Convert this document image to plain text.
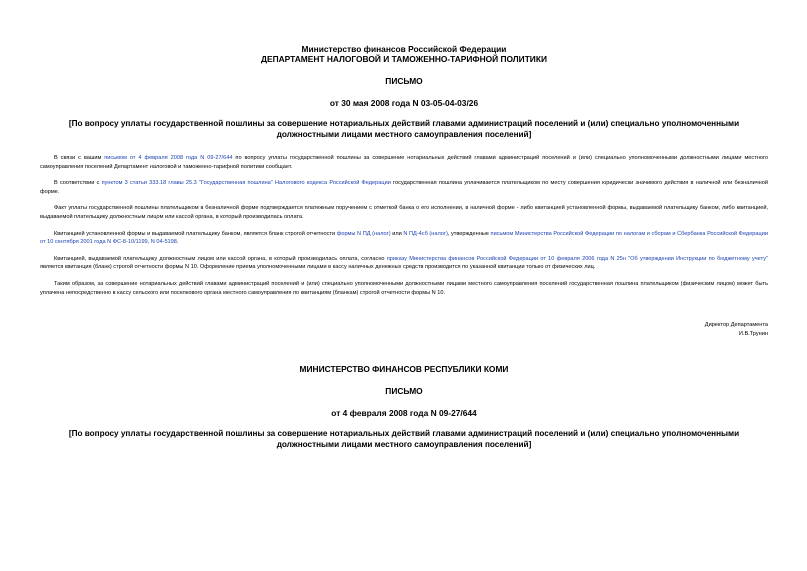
Министерство финансов Российской Федерации
ДЕПАРТАМЕНТ НАЛОГОВОЙ И ТАМОЖЕННО-ТАРИФНОЙ ПОЛИТИКИ
ПИСЬМО
от 30 мая 2008 года N 03-05-04-03/26
[По вопросу уплаты государственной пошлины за совершение нотариальных действий главами администраций поселений и (или) специально уполномоченными должностными лицами местного самоуправления поселений]

В связи с вашим письмом от 4 февраля 2008 года N 09-27/644 по вопросу уплаты государственной пошлины за совершение нотариальных действий главами администраций поселений и (или) специально уполномоченными должностными лицами местного самоуправления поселений Департамент налоговой и таможенно-тарифной политики сообщает.

В соответствии с пунктом 3 статьи 333.18 главы 25.3 "Государственная пошлина" Налогового кодекса Российской Федерации государственная пошлина уплачивается плательщиком по месту совершения юридически значимого действия в наличной или безналичной форме.

Факт уплаты государственной пошлины плательщиком в безналичной форме подтверждается платежным поручением с отметкой банка о его исполнении, в наличной форме - либо квитанцией установленной формы, выдаваемой плательщику банком, либо квитанцией, выдаваемой плательщику должностным лицом или кассой органа, в который производилась оплата.

Квитанцией установленной формы и выдаваемой плательщику банком, является бланк строгой отчетности формы N ПД (налог) или N ПД-4сб (налог), утвержденные письмом Министерства Российской Федерации по налогам и сборам и Сбербанка Российской Федерации от 10 сентября 2001 года N ФС-8-10/1199, N 04-5198.

Квитанцией, выдаваемой плательщику должностным лицом или кассой органа, в который производилась оплата, согласно приказу Министерства финансов Российской Федерации от 10 февраля 2006 года N 25н "Об утверждении Инструкции по бюджетному учету" является квитанция (бланк) строгой отчетности формы N 10. Оформление приема уполномоченными лицами в кассу наличных денежных средств производится по указанной квитанции только от физических лиц.

Таким образом, за совершение нотариальных действий главами администраций поселений и (или) специально уполномоченными должностными лицами местного самоуправления поселений государственная пошлина плательщиком (физическим лицом) может быть уплачена непосредственно в кассу сельского или поселкового органа местного самоуправления по квитанциям (бланкам) строгой отчетности формы N 10.

Директор Департамента
И.В.Трунин
МИНИСТЕРСТВО ФИНАНСОВ РЕСПУБЛИКИ КОМИ
ПИСЬМО
от 4 февраля 2008 года N 09-27/644
[По вопросу уплаты государственной пошлины за совершение нотариальных действий главами администраций поселений и (или) специально уполномоченными должностными лицами местного самоуправления поселений]
